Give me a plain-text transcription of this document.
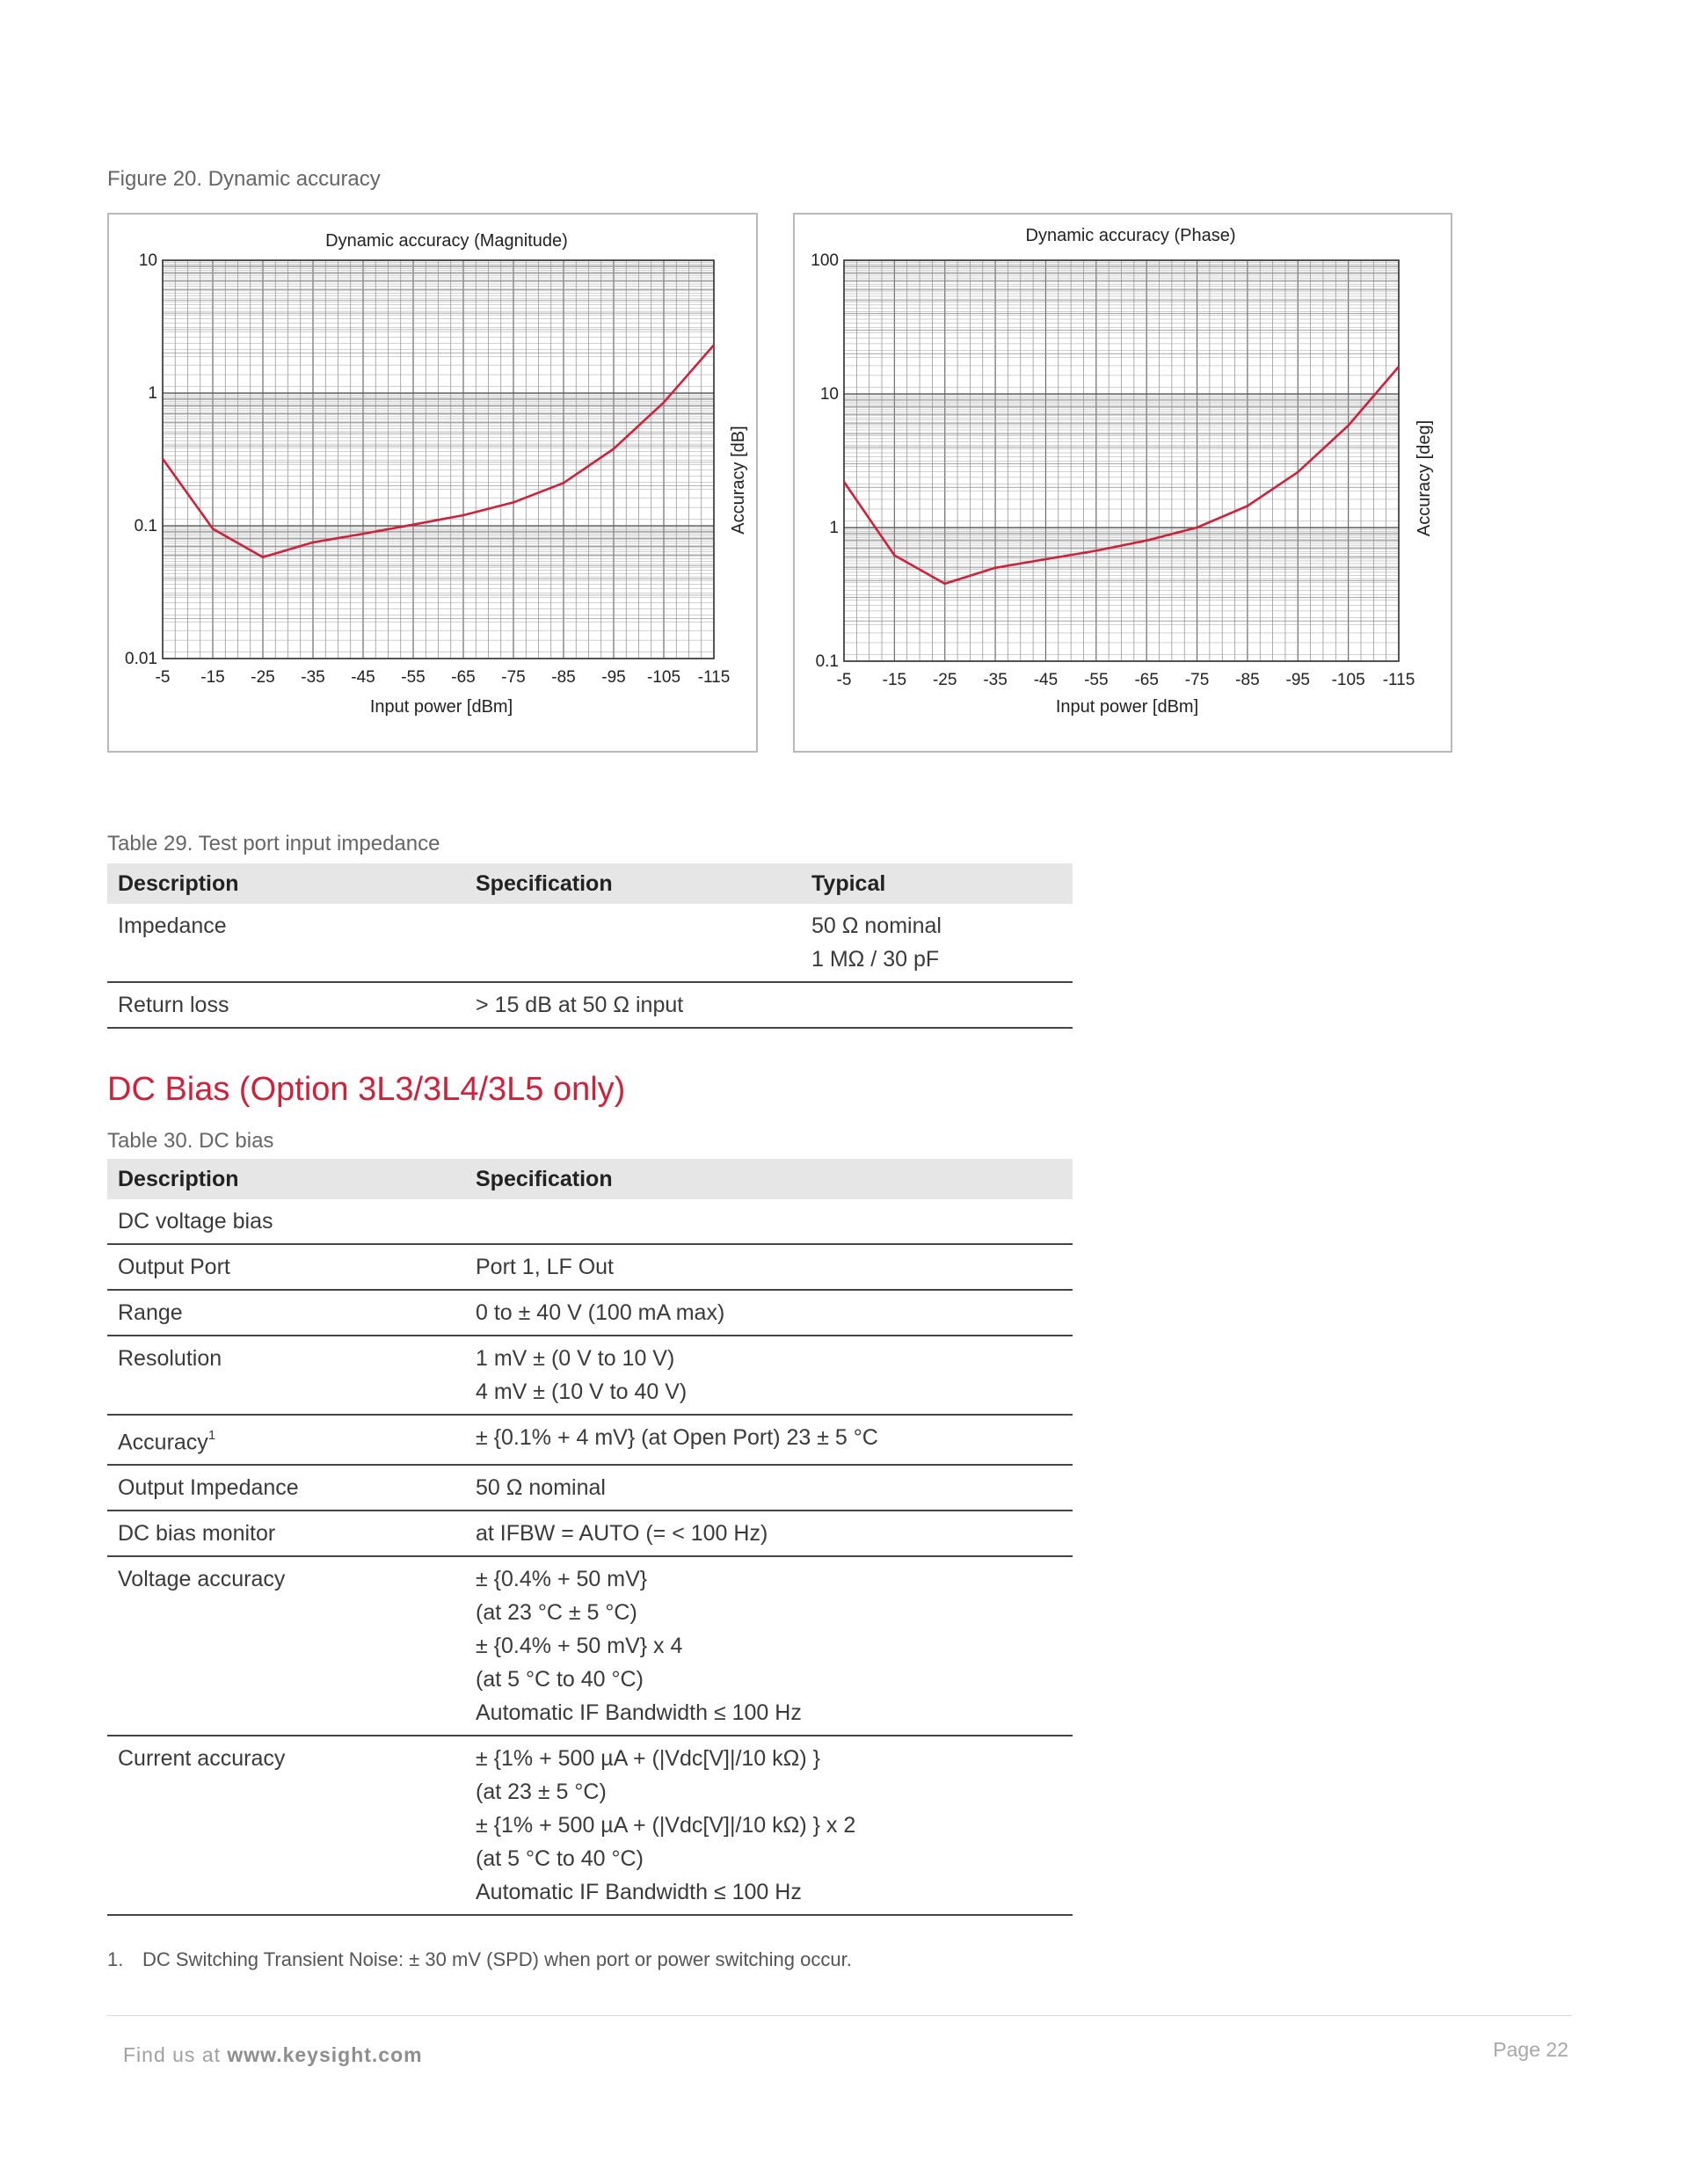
Figure 20. Dynamic accuracy
Dynamic accuracy (Magnitude)
Input power [dBm]
Accuracy [dB]
-5 -15 -25 -35 -45 -55 -65 -75 -85 -95 -105 -115
10
1
0.1
0.01
Dynamic accuracy (Phase)
Input power [dBm]
Accuracy [deg]
-5 -15 -25 -35 -45 -55 -65 -75 -85 -95 -105 -115
100
10
1
0.1
Table 29. Test port input impedance
Description	Specification	Typical
Impedance		50 Ω nominal
1 MΩ / 30 pF

Return loss	> 15 dB at 50 Ω input	
DC Bias (Option 3L3/3L4/3L5 only)
Table 30. DC bias
Description	Specification
DC voltage bias	
Output Port	Port 1, LF Out

Range	0 to ± 40 V (100 mA max)

Resolution	1 mV ± (0 V to 10 V)
4 mV ± (10 V to 40 V)

Accuracy$^1$	± {0.1% + 4 mV} (at Open Port) 23 ± 5 °C

Output Impedance	50 Ω nominal

DC bias monitor	at IFBW = AUTO (= < 100 Hz)

Voltage accuracy	± {0.4% + 50 mV}
(at 23 °C ± 5 °C)
± {0.4% + 50 mV} x 4
(at 5 °C to 40 °C)
Automatic IF Bandwidth ≤ 100 Hz

Current accuracy	± {1% + 500 µA + (|Vdc[V]|/10 kΩ) }
(at 23 ± 5 °C)
± {1% + 500 µA + (|Vdc[V]|/10 kΩ) } x 2
(at 5 °C to 40 °C)
Automatic IF Bandwidth ≤ 100 Hz
1. DC Switching Transient Noise: ± 30 mV (SPD) when port or power switching occur.
Find us at www.keysight.com	Page 22
